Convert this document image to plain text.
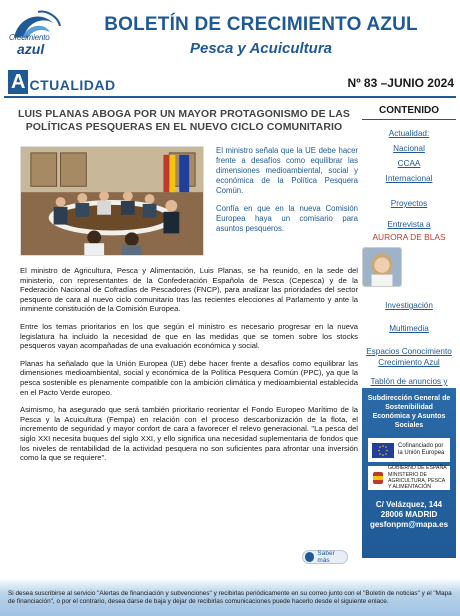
Crecimiento
azul
BOLETÍN DE CRECIMIENTO AZUL
Pesca y Acuicultura
A CTUALIDAD	Nº 83 –JUNIO 2024
LUIS PLANAS ABOGA POR UN MAYOR PROTAGONISMO DE LAS POLÍTICAS PESQUERAS EN EL NUEVO CICLO COMUNITARIO

El ministro señala que la UE debe hacer frente a desafíos como equilibrar las dimensiones medioambiental, social y económica de la Política Pesquera Común.

Confía en que en la nueva Comisión Europea haya un comisario para asuntos pesqueros.

El ministro de Agricultura, Pesca y Alimentación, Luis Planas, se ha reunido, en la sede del ministerio, con representantes de la Confederación Española de Pesca (Cepesca) y de la Federación Nacional de Cofradías de Pescadores (FNCP), para analizar las prioridades del sector pesquero de cara al nuevo ciclo comunitario tras las recientes elecciones al Parlamento y ante la inminente constitución de la Comisión Europea.

Entre los temas prioritarios en los que según el ministro es necesario progresar en la nueva legislatura ha incluido la necesidad de que en las medidas que se tomen sobre los stocks pesqueros vayan acompañadas de una evaluación económica y social.

Planas ha señalado que la Unión Europea (UE) debe hacer frente a desafíos como equilibrar las dimensiones medioambiental, social y económica de la Política Pesquera Común (PPC), ya que la pesca sostenible es plenamente compatible con la ambición climática y medioambiental establecida en el Pacto Verde europeo.

Asimismo, ha asegurado que será también prioritario reorientar el Fondo Europeo Marítimo de la Pesca y la Acuicultura (Fempa) en relación con el proceso descarbonización de la flota, el incremento de seguridad y mayor confort de cara a favorecer el relevo generacional. "La pesca del siglo XXI necesita buques del siglo XXI, y ello significa una necesidad suplementaria de fondos que los niveles de rentabilidad de la actividad pesquera no son suficientes para afrontar una inversión como la que se requiere".

Saber más
CONTENIDO
Actualidad:
Nacional
CCAA
Internacional
Proyectos
Entrevista a
AURORA DE BLAS
Investigación
Multimedia
Espacios Conocimiento Crecimiento Azul
Tablón de anuncios y
Subdirección General de Sostenibilidad Económica y Asuntos Sociales
Cofinanciado por
la Unión Europea
GOBIERNO DE ESPAÑA
MINISTERIO DE AGRICULTURA, PESCA Y ALIMENTACIÓN
C/ Velázquez, 144
28006 MADRID
gesfonpm@mapa.es
Si desea suscribirse al servicio "Alertas de financiación y subvenciones" y recibirlas periódicamente en su correo junto con el "Boletín de noticias" y el "Mapa de financiación", o por el contrario, desea darse de baja y dejar de recibirlas comunicaciones puede hacerlo desde el siguiente enlace.
